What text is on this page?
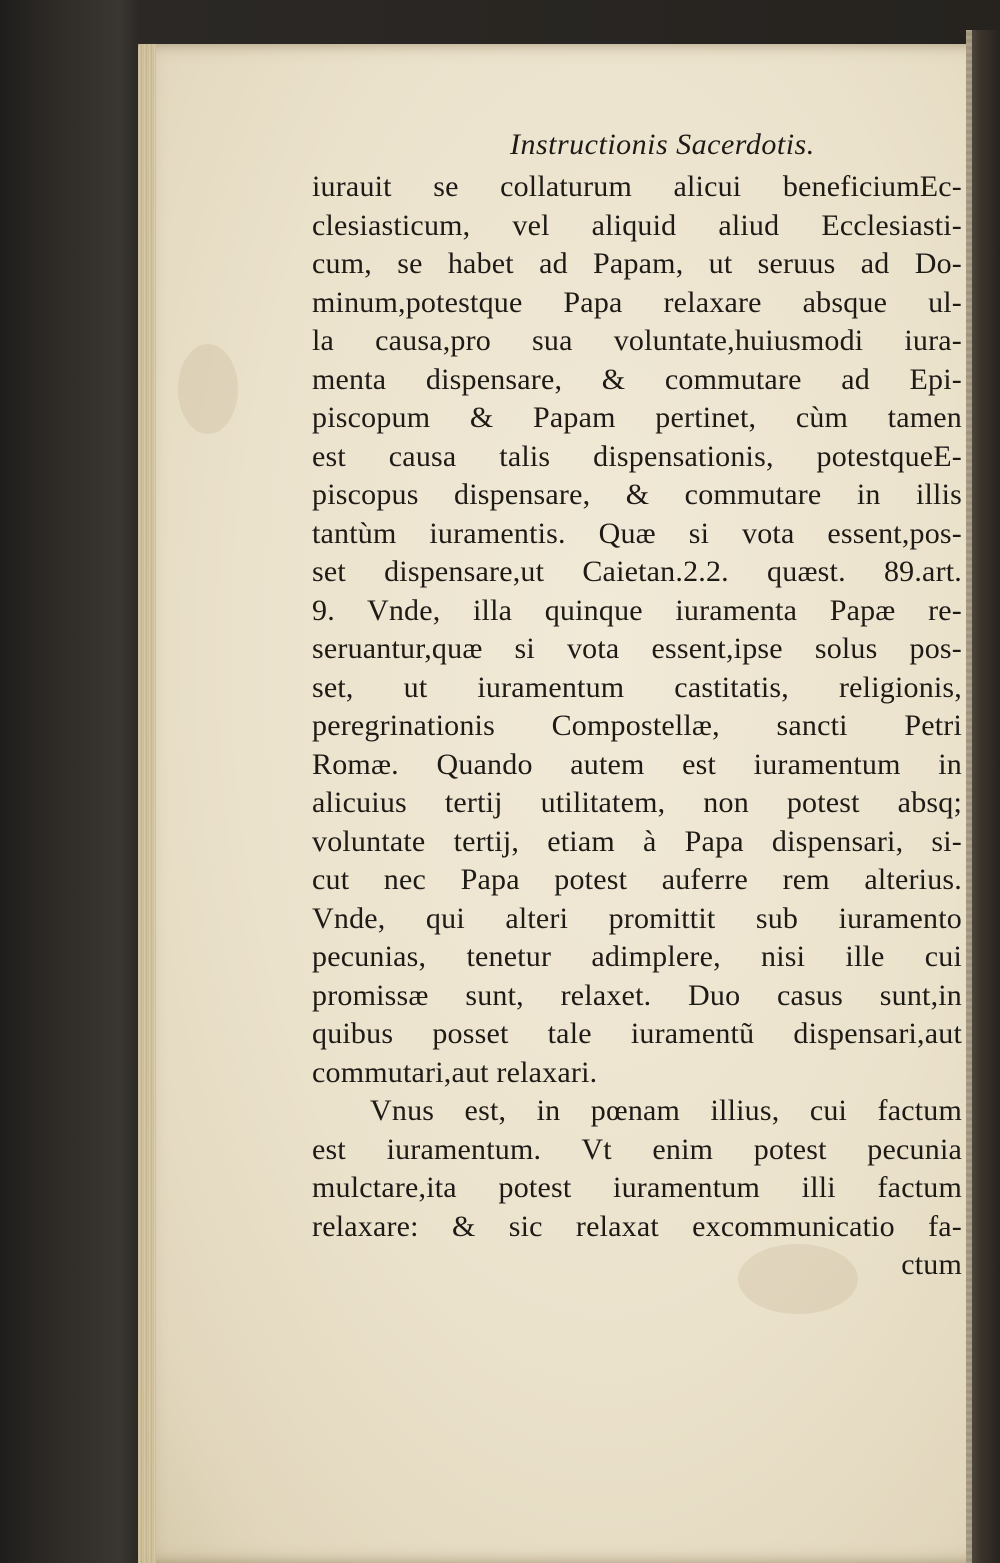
Instructionis Sacerdotis.
iurauit se collaturum alicui beneficiumEc-
clesiasticum, vel aliquid aliud Ecclesiasti-
cum, se habet ad Papam, ut seruus ad Do-
minum,potestque Papa relaxare absque ul-
la causa,pro sua voluntate,huiusmodi iura-
menta dispensare, & commutare ad Epi-
piscopum & Papam pertinet, cùm tamen
est causa talis dispensationis, potestqueE-
piscopus dispensare, & commutare in illis
tantùm iuramentis. Quæ si vota essent,pos-
set dispensare,ut Caietan.2.2. quæst. 89.art.
9. Vnde, illa quinque iuramenta Papæ re-
seruantur,quæ si vota essent,ipse solus pos-
set, ut iuramentum castitatis, religionis,
peregrinationis Compostellæ, sancti Petri
Romæ. Quando autem est iuramentum in
alicuius tertij utilitatem, non potest absq;
voluntate tertij, etiam à Papa dispensari, si-
cut nec Papa potest auferre rem alterius.
Vnde, qui alteri promittit sub iuramento
pecunias, tenetur adimplere, nisi ille cui
promissæ sunt, relaxet. Duo casus sunt,in
quibus posset tale iuramentũ dispensari,aut
commutari,aut relaxari.
Vnus est, in pœnam illius, cui factum
est iuramentum. Vt enim potest pecunia
mulctare,ita potest iuramentum illi factum
relaxare: & sic relaxat excommunicatio fa-
ctum
